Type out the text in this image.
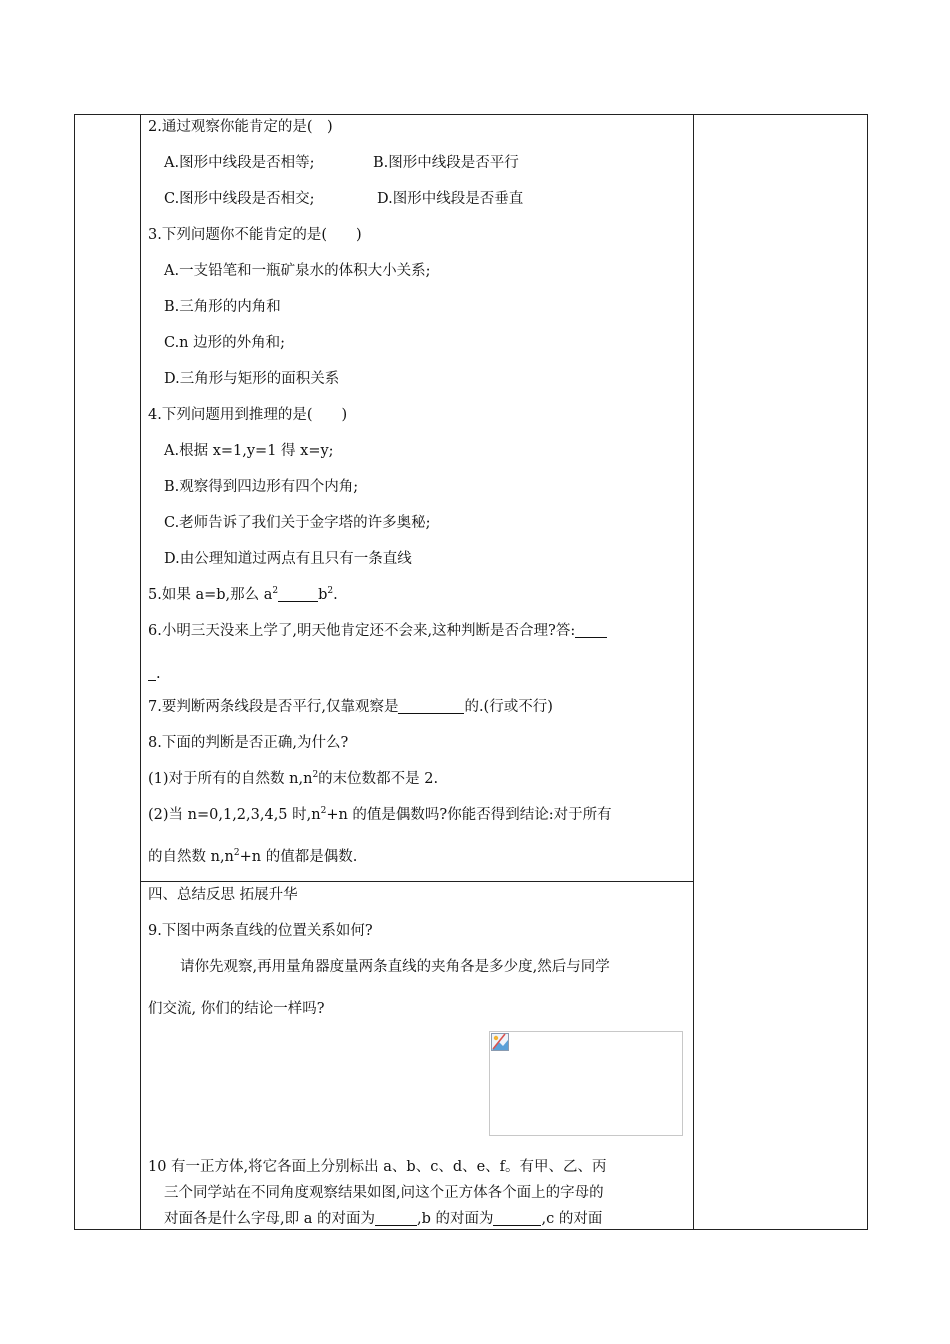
2.通过观察你能肯定的是(　)
A.图形中线段是否相等;	B.图形中线段是否平行
C.图形中线段是否相交;	D.图形中线段是否垂直
3.下列问题你不能肯定的是(　　)
A.一支铅笔和一瓶矿泉水的体积大小关系;
B.三角形的内角和
C.n 边形的外角和;
D.三角形与矩形的面积关系
4.下列问题用到推理的是(　　)
A.根据 x=1,y=1 得 x=y;
B.观察得到四边形有四个内角;
C.老师告诉了我们关于金字塔的许多奥秘;
D.由公理知道过两点有且只有一条直线
5.如果 a=b,那么 $a^2$	$b^2$.
6.小明三天没来上学了,明天他肯定还不会来,这种判断是否合理?答:
.
7.要判断两条线段是否平行,仅靠观察是	的.(行或不行)
8.下面的判断是否正确,为什么?
(1)对于所有的自然数 $n,n^2$的末位数都不是 2.
(2)当 n=0,1,2,3,4,5 时$,n^2+n$ 的值是偶数吗?你能否得到结论:对于所有
的自然数 $n,n^2+n$ 的值都是偶数.
四、总结反思 拓展升华
9.下图中两条直线的位置关系如何?
请你先观察,再用量角器度量两条直线的夹角各是多少度,然后与同学
们交流, 你们的结论一样吗?
10 有一正方体,将它各面上分别标出 a、b、c、d、e、f。有甲、乙、丙
三个同学站在不同角度观察结果如图,问这个正方体各个面上的字母的
对面各是什么字母,即 a 的对面为	,b 的对面为	,c 的对面
